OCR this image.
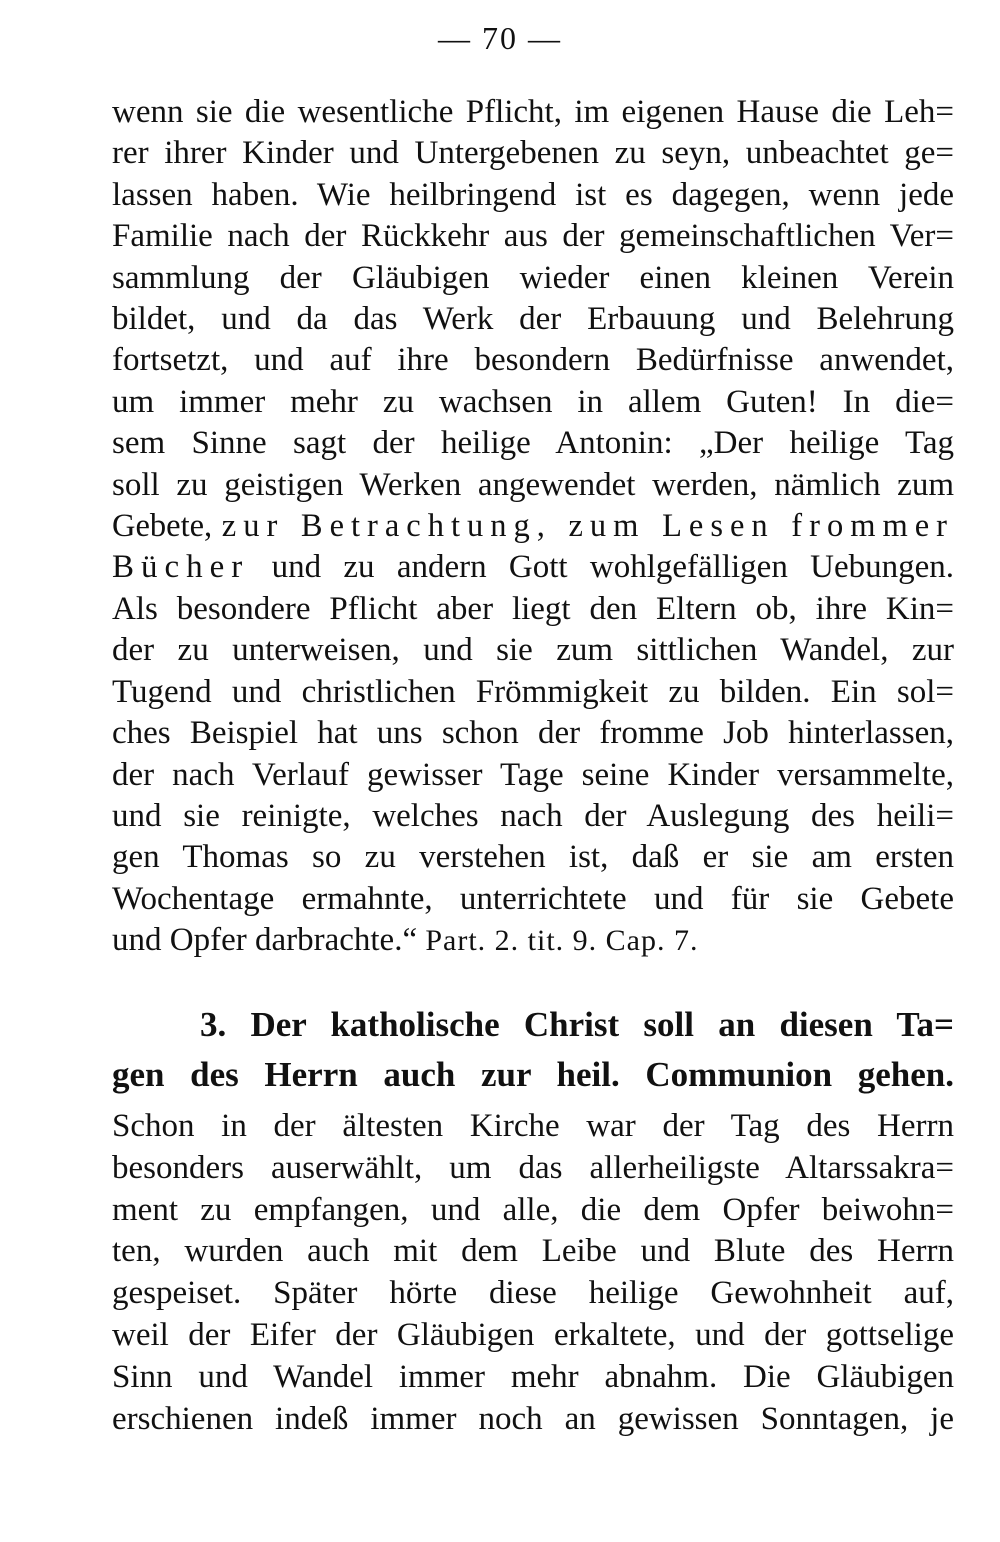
— 70 —
wenn sie die wesentliche Pflicht, im eigenen Hause die Leh=
rer ihrer Kinder und Untergebenen zu seyn, unbeachtet ge=
lassen haben. Wie heilbringend ist es dagegen, wenn jede
Familie nach der Rückkehr aus der gemeinschaftlichen Ver=
sammlung der Gläubigen wieder einen kleinen Verein
bildet, und da das Werk der Erbauung und Belehrung
fortsetzt, und auf ihre besondern Bedürfnisse anwendet,
um immer mehr zu wachsen in allem Guten! In die=
sem Sinne sagt der heilige Antonin: „Der heilige Tag
soll zu geistigen Werken angewendet werden, nämlich zum
Gebete, zur Betrachtung, zum Lesen frommer
Bücher und zu andern Gott wohlgefälligen Uebungen.
Als besondere Pflicht aber liegt den Eltern ob, ihre Kin=
der zu unterweisen, und sie zum sittlichen Wandel, zur
Tugend und christlichen Frömmigkeit zu bilden. Ein sol=
ches Beispiel hat uns schon der fromme Job hinterlassen,
der nach Verlauf gewisser Tage seine Kinder versammelte,
und sie reinigte, welches nach der Auslegung des heili=
gen Thomas so zu verstehen ist, daß er sie am ersten
Wochentage ermahnte, unterrichtete und für sie Gebete
und Opfer darbrachte.“ Part. 2. tit. 9. Cap. 7.
3. Der katholische Christ soll an diesen Ta=
gen des Herrn auch zur heil. Communion gehen.
Schon in der ältesten Kirche war der Tag des Herrn
besonders auserwählt, um das allerheiligste Altarssakra=
ment zu empfangen, und alle, die dem Opfer beiwohn=
ten, wurden auch mit dem Leibe und Blute des Herrn
gespeiset. Später hörte diese heilige Gewohnheit auf,
weil der Eifer der Gläubigen erkaltete, und der gottselige
Sinn und Wandel immer mehr abnahm. Die Gläubigen
erschienen indeß immer noch an gewissen Sonntagen, je
